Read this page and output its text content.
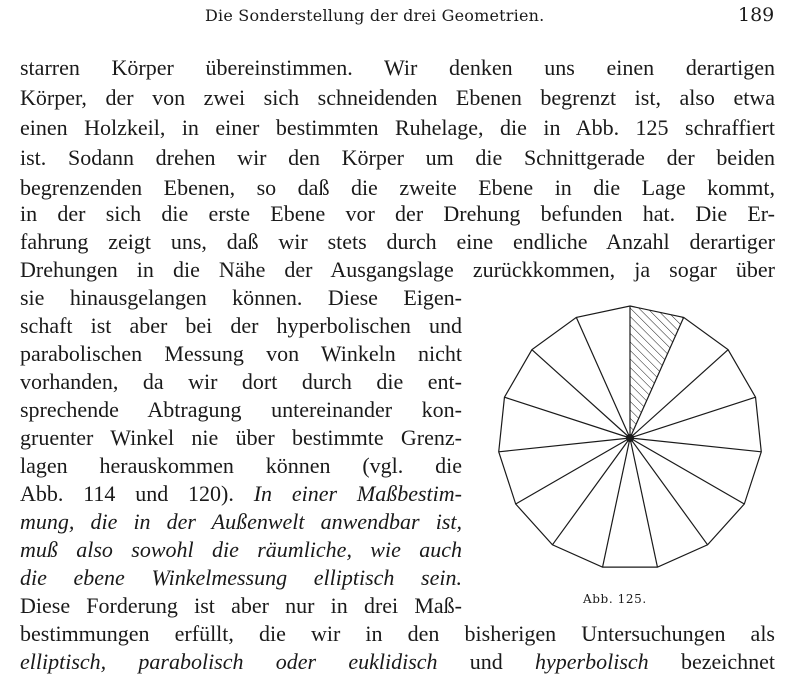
Die Sonderstellung der drei Geometrien.	189
starren Körper übereinstimmen. Wir denken uns einen derartigen
Körper, der von zwei sich schneidenden Ebenen begrenzt ist, also etwa
einen Holzkeil, in einer bestimmten Ruhelage, die in Abb. 125 schraffiert
ist. Sodann drehen wir den Körper um die Schnittgerade der beiden
begrenzenden Ebenen, so daß die zweite Ebene in die Lage kommt,
in der sich die erste Ebene vor der Drehung befunden hat. Die Er-
fahrung zeigt uns, daß wir stets durch eine endliche Anzahl derartiger
Drehungen in die Nähe der Ausgangslage zurückkommen, ja sogar über
sie hinausgelangen können. Diese Eigen-
schaft ist aber bei der hyperbolischen und
parabolischen Messung von Winkeln nicht
vorhanden, da wir dort durch die ent-
sprechende Abtragung untereinander kon-
gruenter Winkel nie über bestimmte Grenz-
lagen herauskommen können (vgl. die
Abb. 114 und 120). In einer Maßbestim-
mung, die in der Außenwelt anwendbar ist,
muß also sowohl die räumliche, wie auch
die ebene Winkelmessung elliptisch sein.
Diese Forderung ist aber nur in drei Maß-
bestimmungen erfüllt, die wir in den bisherigen Untersuchungen als
elliptisch, parabolisch oder euklidisch und hyperbolisch bezeichnet
Abb. 125.
